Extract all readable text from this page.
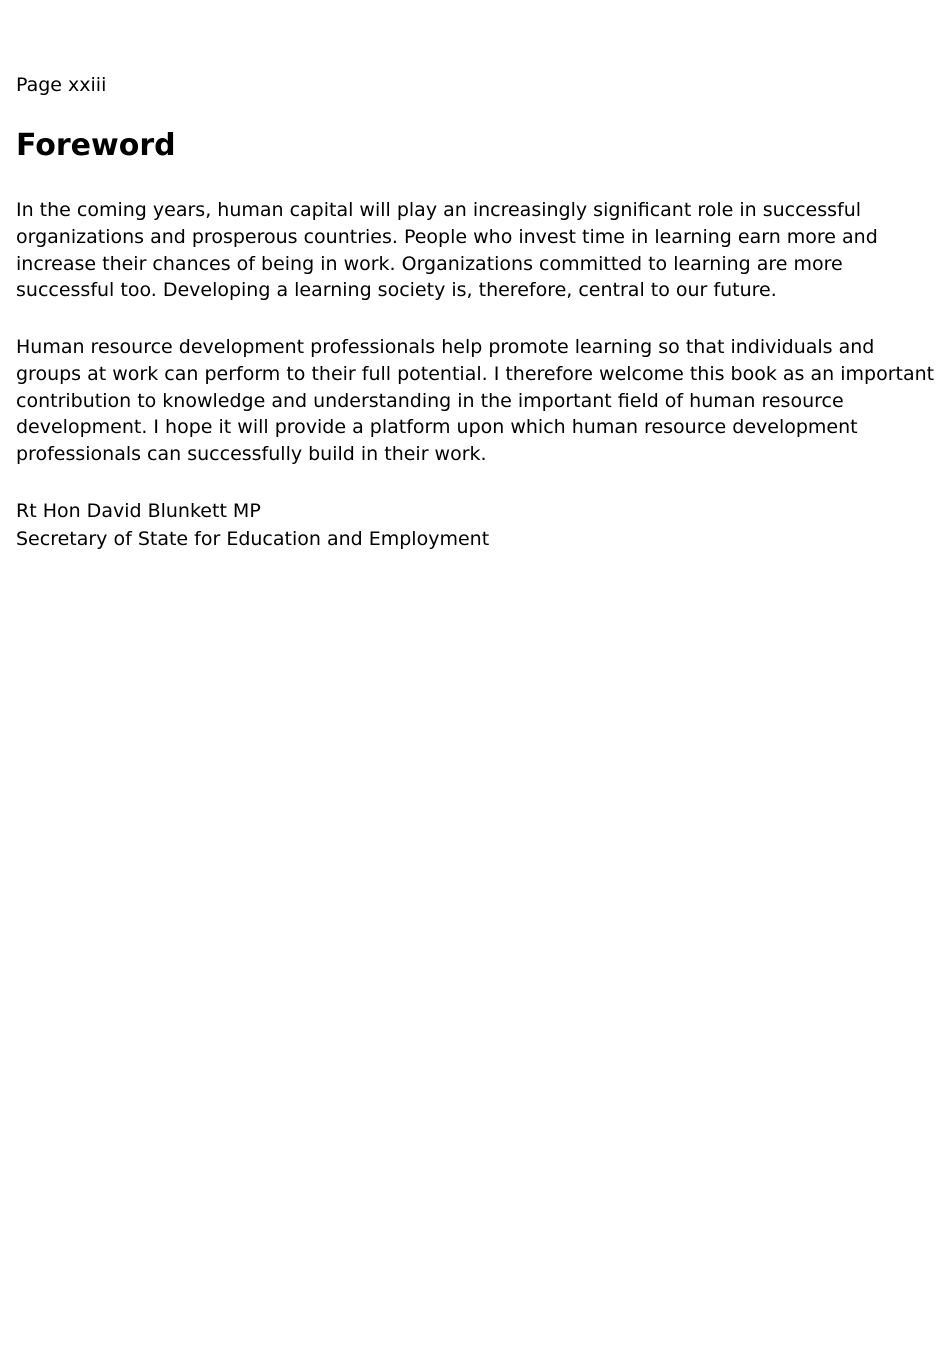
Page xxiii
Foreword

In the coming years, human capital will play an increasingly significant role in successful organizations and prosperous countries. People who invest time in learning earn more and increase their chances of being in work. Organizations committed to learning are more successful too. Developing a learning society is, therefore, central to our future.

Human resource development professionals help promote learning so that individuals and groups at work can perform to their full potential. I therefore welcome this book as an important contribution to knowledge and understanding in the important field of human resource development. I hope it will provide a platform upon which human resource development professionals can successfully build in their work.

Rt Hon David Blunkett MP
Secretary of State for Education and Employment
